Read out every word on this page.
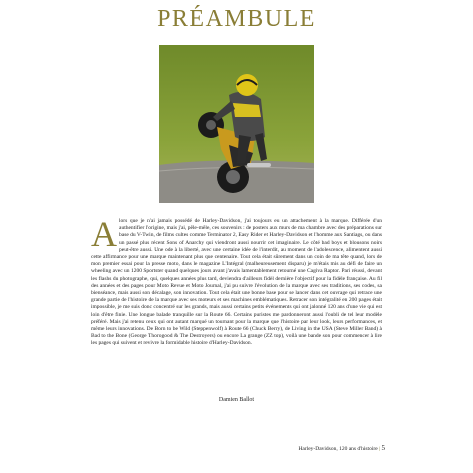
PRÉAMBULE

A lors que je n'ai jamais possédé de Harley-Davidson, j'ai toujours eu un attachement à la marque. Différée d'un authentifier l'origine, mais j'ai, pêle-mêle, ces souvenirs : de posters aux murs de ma chambre avec des préparations sur base du V-Twin, de films cultes comme Terminator 2, Easy Rider et Harley-Davidson et l'homme aux Santiags, ou dans un passé plus récent Sons of Anarchy qui viendront aussi nourrir cet imaginaire. Le côté bad boys et blousons noirs peut-être aussi. Une ode à la liberté, avec une certaine idée de l'interdit, au moment de l'adolescence, alimentent aussi cette affirmance pour une marque maintenant plus que centenaire. Tout cela était sûrement dans un coin de ma tête quand, lors de mon premier essai pour la presse moto, dans le magazine L'Intégral (malheureusement disparu) je m'étais mis au défi de faire un wheeling avec un 1200 Sportster quand quelques jours avant j'avais lamentablement retourné une Cagiva Raptor. Pari réussi, devant les flashs du photographe, qui, quelques années plus tard, deviendra d'ailleurs fidèl dernière l'objectif pour la fidèle française. Au fil des années et des pages pour Moto Revue et Moto Journal, j'ai pu suivre l'évolution de la marque avec ses traditions, ses codes, sa bienséance, mais aussi son décalage, son innovation. Tout cela était une bonne base pour se lancer dans cet ouvrage qui retrace une grande partie de l'histoire de la marque avec ses moteurs et ses machines emblématiques. Retracer son intégralité en 200 pages était impossible, je me suis donc concentré sur les grands, mais aussi certains petits événements qui ont jalonné 120 ans d'une vie qui est loin d'être finie. Une longue balade tranquille sur la Route 66. Certains puristes me pardonneront aussi l'oubli de tel leur modèle préféré. Mais j'ai retenu ceux qui ont autant marqué un tournant pour la marque que l'histoire par leur look, leurs performances, et même leurs innovations. De Born to be Wild (Steppenwolf) à Route 66 (Chuck Berry), de Living in the USA (Steve Miller Band) à Bad to the Bone (George Thorogood & The Destroyers) ou encore La grange (ZZ top), voilà une bande son pour commencer à lire les pages qui suivent et revivre la formidable histoire d'Harley-Davidson.

Damien Ballot

Harley-Davidson, 120 ans d'histoire | 5
